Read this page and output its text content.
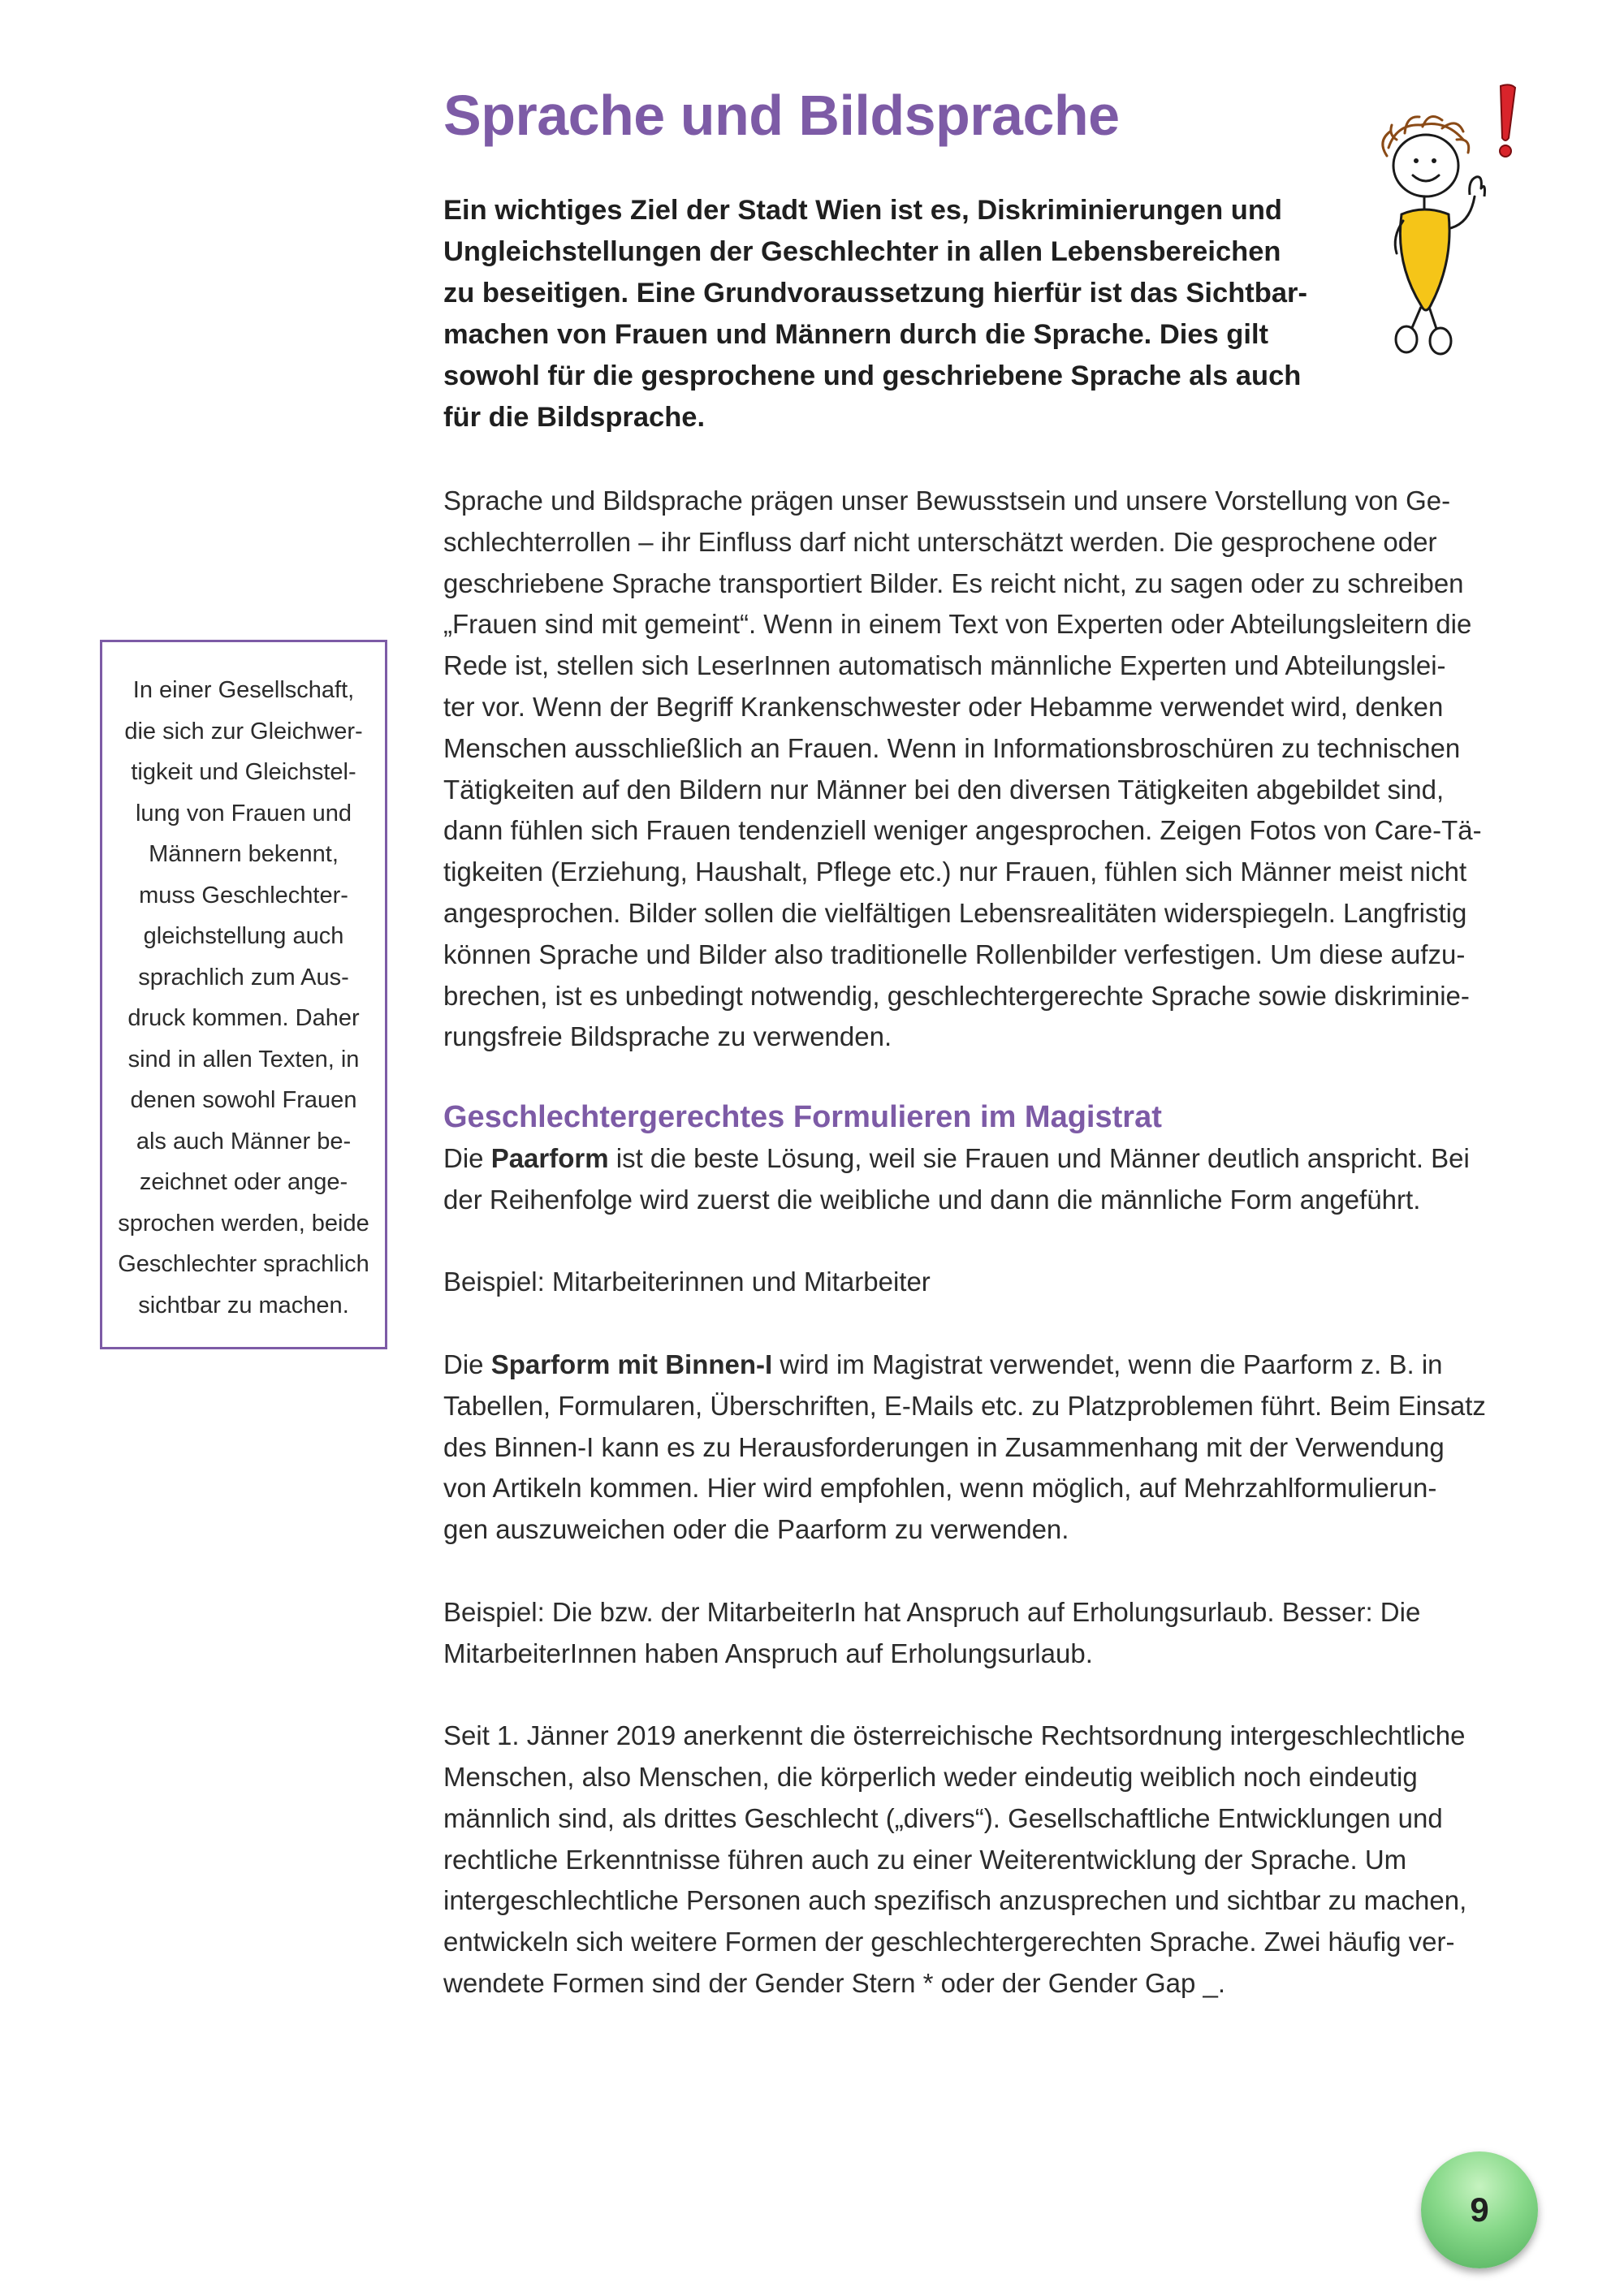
Sprache und Bildsprache
Ein wichtiges Ziel der Stadt Wien ist es, Diskriminierungen und
Ungleichstellungen der Geschlechter in allen Lebensbereichen
zu beseitigen. Eine Grundvoraussetzung hierfür ist das Sichtbar-
machen von Frauen und Männern durch die Sprache. Dies gilt
sowohl für die gesprochene und geschriebene Sprache als auch
für die Bildsprache.
Sprache und Bildsprache prägen unser Bewusstsein und unsere Vorstellung von Ge-
schlechterrollen – ihr Einfluss darf nicht unterschätzt werden. Die gesprochene oder
geschriebene Sprache transportiert Bilder. Es reicht nicht, zu sagen oder zu schreiben
„Frauen sind mit gemeint“. Wenn in einem Text von Experten oder Abteilungsleitern die
Rede ist, stellen sich LeserInnen automatisch männliche Experten und Abteilungslei-
ter vor. Wenn der Begriff Krankenschwester oder Hebamme verwendet wird, denken
Menschen ausschließlich an Frauen. Wenn in Informationsbroschüren zu technischen
Tätigkeiten auf den Bildern nur Männer bei den diversen Tätigkeiten abgebildet sind,
dann fühlen sich Frauen tendenziell weniger angesprochen. Zeigen Fotos von Care-Tä-
tigkeiten (Erziehung, Haushalt, Pflege etc.) nur Frauen, fühlen sich Männer meist nicht
angesprochen. Bilder sollen die vielfältigen Lebensrealitäten widerspiegeln. Langfristig
können Sprache und Bilder also traditionelle Rollenbilder verfestigen. Um diese aufzu-
brechen, ist es unbedingt notwendig, geschlechtergerechte Sprache sowie diskriminie-
rungsfreie Bildsprache zu verwenden.
Geschlechtergerechtes Formulieren im Magistrat

Die Paarform ist die beste Lösung, weil sie Frauen und Männer deutlich anspricht. Bei
der Reihenfolge wird zuerst die weibliche und dann die männliche Form angeführt.

Beispiel: Mitarbeiterinnen und Mitarbeiter

Die Sparform mit Binnen-I wird im Magistrat verwendet, wenn die Paarform z. B. in
Tabellen, Formularen, Überschriften, E-Mails etc. zu Platzproblemen führt. Beim Einsatz
des Binnen-I kann es zu Herausforderungen in Zusammenhang mit der Verwendung
von Artikeln kommen. Hier wird empfohlen, wenn möglich, auf Mehrzahlformulierun-
gen auszuweichen oder die Paarform zu verwenden.

Beispiel: Die bzw. der MitarbeiterIn hat Anspruch auf Erholungsurlaub. Besser: Die
MitarbeiterInnen haben Anspruch auf Erholungsurlaub.

Seit 1. Jänner 2019 anerkennt die österreichische Rechtsordnung intergeschlechtliche
Menschen, also Menschen, die körperlich weder eindeutig weiblich noch eindeutig
männlich sind, als drittes Geschlecht („divers“). Gesellschaftliche Entwicklungen und
rechtliche Erkenntnisse führen auch zu einer Weiterentwicklung der Sprache. Um
intergeschlechtliche Personen auch spezifisch anzusprechen und sichtbar zu machen,
entwickeln sich weitere Formen der geschlechtergerechten Sprache. Zwei häufig ver-
wendete Formen sind der Gender Stern * oder der Gender Gap _.

In einer Gesellschaft,
die sich zur Gleichwer-
tigkeit und Gleichstel-
lung von Frauen und
Männern bekennt,
muss Geschlechter-
gleichstellung auch
sprachlich zum Aus-
druck kommen. Daher
sind in allen Texten, in
denen sowohl Frauen
als auch Männer be-
zeichnet oder ange-
sprochen werden, beide
Geschlechter sprachlich
sichtbar zu machen.
9
